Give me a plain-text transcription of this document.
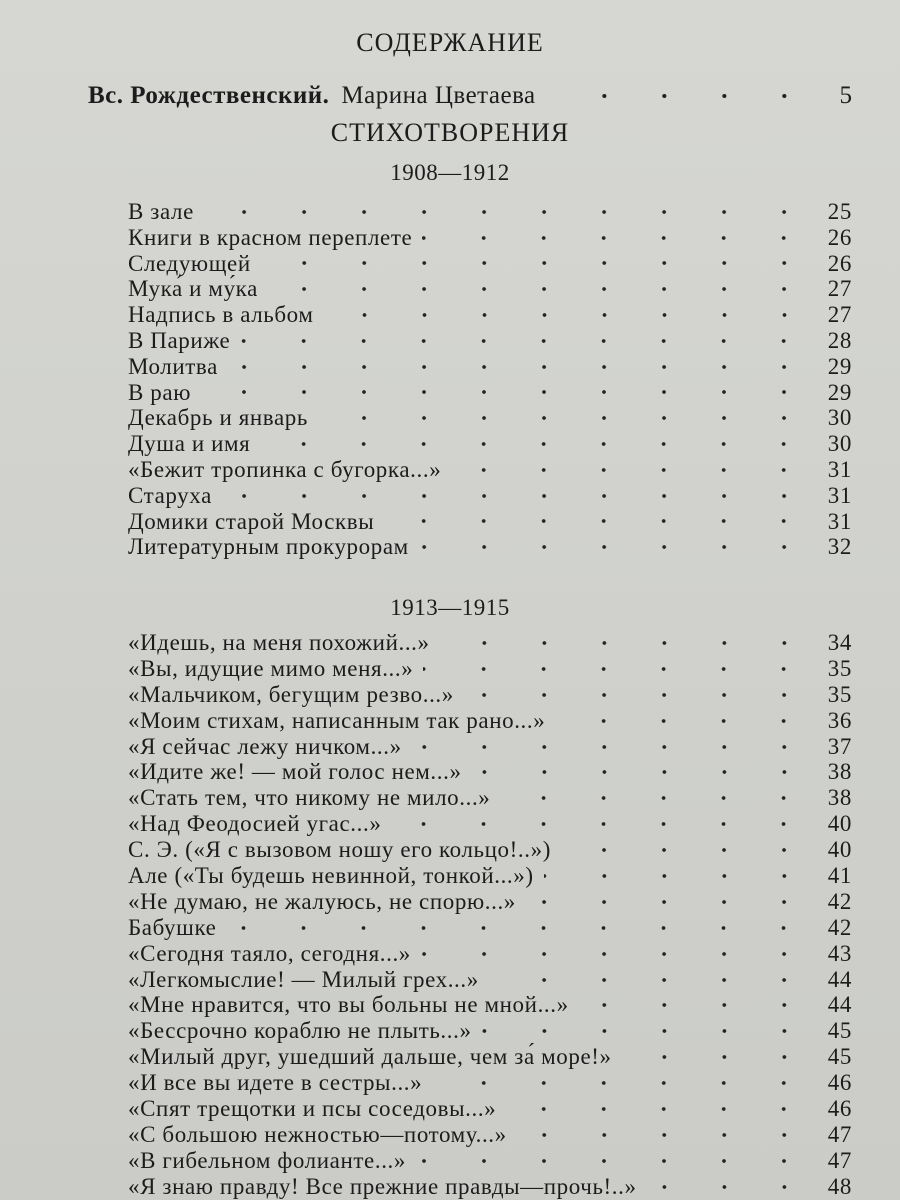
СОДЕРЖАНИЕ
Вс. Рождественский. Марина Цветаева	5
СТИХОТВОРЕНИЯ
1908—1912
В зале	25
Книги в красном переплете	26
Следующей	26
Мука́ и му́ка	27
Надпись в альбом	27
В Париже	28
Молитва	29
В раю	29
Декабрь и январь	30
Душа и имя	30
«Бежит тропинка с бугорка...»	31
Старуха	31
Домики старой Москвы	31
Литературным прокурорам	32
1913—1915
«Идешь, на меня похожий...»	34
«Вы, идущие мимо меня...»	35
«Мальчиком, бегущим резво...»	35
«Моим стихам, написанным так рано...»	36
«Я сейчас лежу ничком...»	37
«Идите же! — мой голос нем...»	38
«Стать тем, что никому не мило...»	38
«Над Феодосией угас...»	40
С. Э. («Я с вызовом ношу его кольцо!..»)	40
Але («Ты будешь невинной, тонкой...»)	41
«Не думаю, не жалуюсь, не спорю...»	42
Бабушке	42
«Сегодня таяло, сегодня...»	43
«Легкомыслие! — Милый грех...»	44
«Мне нравится, что вы больны не мной...»	44
«Бессрочно кораблю не плыть...»	45
«Милый друг, ушедший дальше, чем за́ море!»	45
«И все вы идете в сестры...»	46
«Спят трещотки и псы соседовы...»	46
«С большою нежностью—потому...»	47
«В гибельном фолианте...»	47
«Я знаю правду! Все прежние правды—прочь!..»	48
